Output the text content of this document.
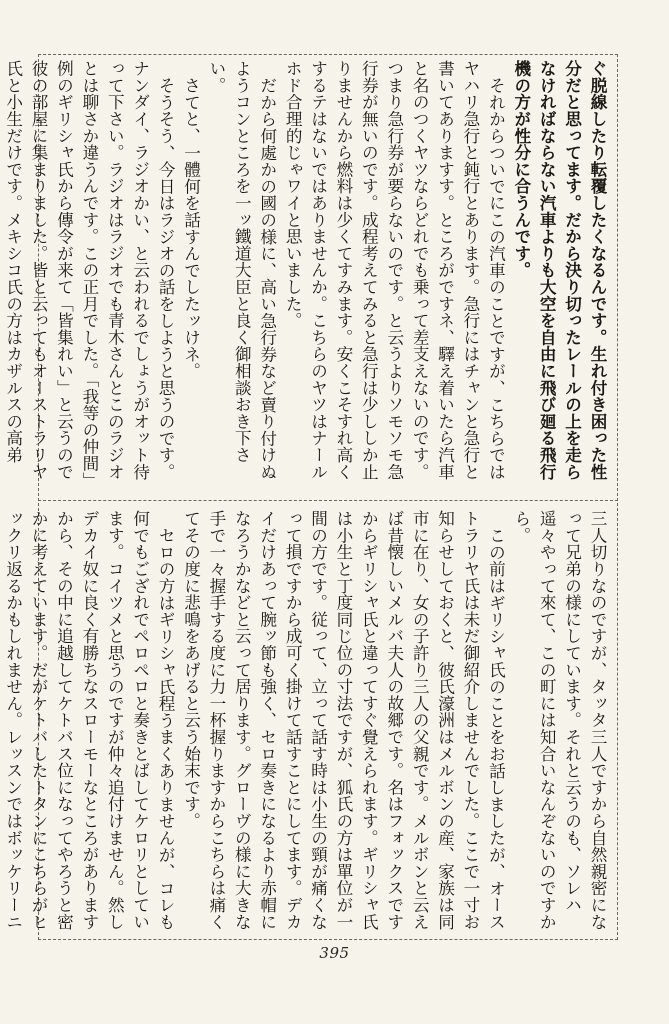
ぐ脱線したり転覆したくなるんです。生れ付き困った性分だと思ってます。だから決り切ったレールの上を走らなければならない汽車よりも大空を自由に飛び廻る飛行機の方が性分に合うんです。

それからついでにこの汽車のことですが、こちらではヤハリ急行と鈍行とあります。急行にはチャンと急行と書いてありますす。ところがですネ、驛え着いたら汽車と名のつくヤツならどれでも乗って差支えないのです。つまり急行券が要らないのです。と云うよりソモソモ急行券が無いのです。成程考えてみると急行は少ししか止りませんから燃料は少くてすみます。安くこそすれ高くするテはないではありませんか。こちらのヤツはナールホド合理的じゃワイと思いました。

だから何處かの國の様に、高い急行券など賣り付けぬようコンところを一ッ鐵道大臣と良く御相談おき下さい。

さてと、一體何を話すんでしたッけネ。

そうそう、今日はラジオの話をしようと思うのです。ナンダイ、ラジオかい、と云われるでしょうがオット待って下さい。ラジオはラジオでも青木さんとこのラジオとは聊さか違うんです。この正月でした。「我等の仲間」例のギリシャ氏から傳令が来て「皆集れい」と云うので彼の部屋に集まりました。皆と云ってもオーストラリヤ氏と小生だけです。メキシコ氏の方はカザルスの高弟

三人切りなのですが、タッタ三人ですから自然親密になって兄弟の様にしています。それと云うのも、ソレハ遥々やって來て、この町には知合いなんぞないのですから。

この前はギリシャ氏のことをお話しましたが、オーストラリヤ氏は未だ御紹介しませんでした。ここで一寸お知らせしておくと、彼氏濠洲はメルボンの産、家族は同市に在り、女の子許り三人の父親です。メルボンと云えば昔懐しいメルバ夫人の故郷です。名はフォックスですからギリシャ氏と違ってすぐ覺えられます。ギリシャ氏は小生と丁度同じ位の寸法ですが、狐氏の方は單位が一間の方です。従って、立って話す時は小生の頸が痛くなって損ですから成可く掛けて話すことにしてます。デカイだけあって腕ッ節も強く、セロ奏きになるより赤帽になろうかなどと云って居ります。グローヴの様に大きな手で一々握手する度に力一杯握りますからこちらは痛くてその度に悲鳴をあげると云う始末です。

セロの方はギリシャ氏程うまくありませんが、コレも何でもござれでペロペロと奏きとばしてケロリとしています。コイツメと思うのですが仲々追付けません。然しデカイ奴に良く有勝ちなスローモーなところがありますから、その中に追越してケトバス位になってやろうと密かに考えています。だがケトバしたトタンにこちらがヒックリ返るかもしれません。レッスンではボッケリーニ

395
